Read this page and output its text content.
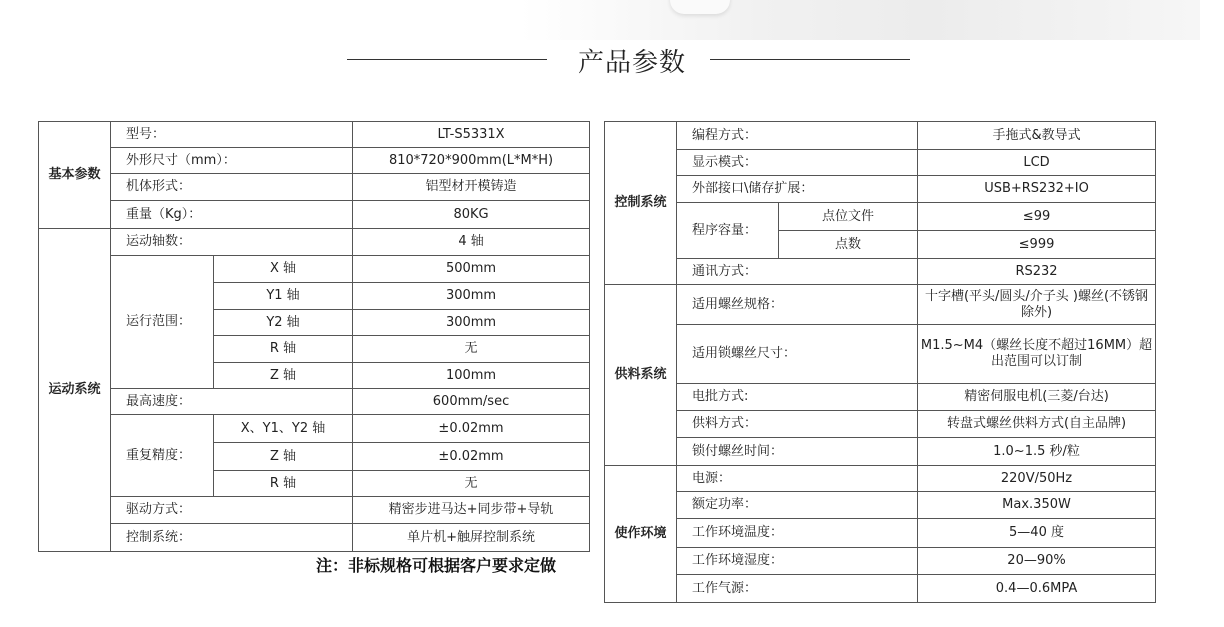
产品参数
基本参数	型号：		LT-S5331X
	外形尺寸（mm）：		810*720*900mm(L*M*H)
	机体形式：		铝型材开模铸造
	重量（Kg）：		80KG
运动系统	运动轴数：		4 轴
	运行范围：	X 轴	500mm
		Y1 轴	300mm
		Y2 轴	300mm
		R 轴	无
		Z 轴	100mm
	最高速度：		600mm/sec
	重复精度：	X、Y1、Y2 轴	±0.02mm
		Z 轴	±0.02mm
		R 轴	无
	驱动方式：		精密步进马达+同步带+导轨
	控制系统：		单片机+触屏控制系统
注：非标规格可根据客户要求定做
控制系统	编程方式：		手拖式&教导式
	显示模式：		LCD
	外部接口\储存扩展：		USB+RS232+IO
	程序容量：	点位文件	≤99
		点数	≤999
	通讯方式：		RS232
供料系统	适用螺丝规格：		十字槽(平头/圆头/介子头 )螺丝(不锈钢除外)
	适用锁螺丝尺寸：		M1.5~M4（螺丝长度不超过16MM）超出范围可以订制
	电批方式:		精密伺服电机(三菱/台达)
	供料方式：		转盘式螺丝供料方式(自主品牌)
	锁付螺丝时间：		1.0~1.5 秒/粒
使作环境	电源：		220V/50Hz
	额定功率：		Max.350W
	工作环境温度：		5—40 度
	工作环境湿度：		20—90%
	工作气源：		0.4—0.6MPA
